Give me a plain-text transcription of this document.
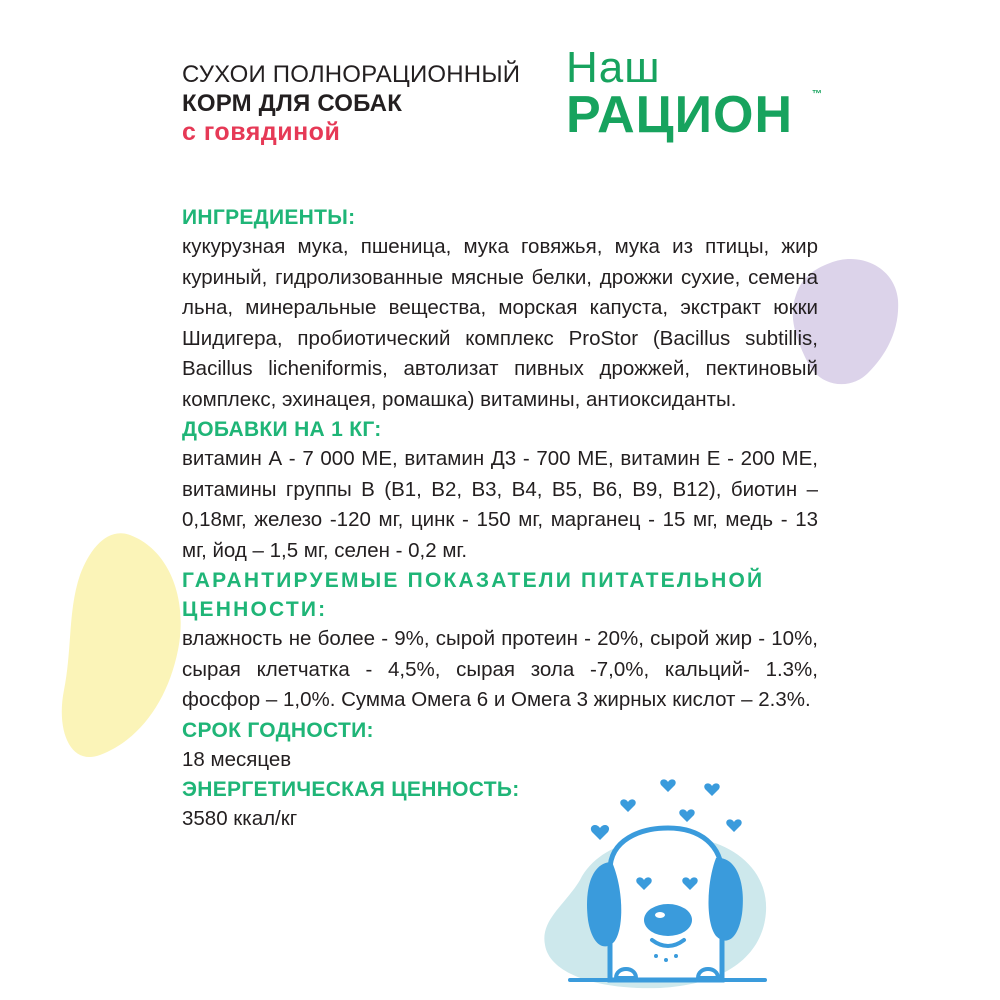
СУХОИ ПОЛНОРАЦИОННЫЙ
КОРМ ДЛЯ СОБАК
с говядиной
Наш
РАЦИОН ™
ИНГРЕДИЕНТЫ:
кукурузная мука, пшеница, мука говяжья, мука из птицы, жир куриный, гидролизованные мясные белки, дрожжи сухие, семена льна, минеральные вещества, морская капуста, экстракт юкки Шидигера, пробиотический комплекс ProStor (Bacillus subtillis, Bacillus licheniformis, автолизат пивных дрожжей, пектиновый комплекс, эхинацея, ромашка) витамины, антиоксиданты.
ДОБАВКИ НА 1 КГ:
витамин А - 7 000 МЕ, витамин Д3 - 700 МЕ, витамин Е - 200 МЕ, витамины группы В (В1, В2, В3, В4, В5, В6, В9, В12), биотин – 0,18мг, железо -120 мг, цинк - 150 мг, марганец - 15 мг, медь - 13 мг, йод – 1,5 мг, селен - 0,2 мг.
ГАРАНТИРУЕМЫЕ ПОКАЗАТЕЛИ ПИТАТЕЛЬНОЙ ЦЕННОСТИ:
влажность не более - 9%, сырой протеин - 20%, сырой жир - 10%, сырая клетчатка - 4,5%, сырая зола -7,0%, кальций- 1.3%, фосфор – 1,0%. Сумма Омега 6 и Омега 3 жирных кислот – 2.3%.
СРОК ГОДНОСТИ:
18 месяцев
ЭНЕРГЕТИЧЕСКАЯ ЦЕННОСТЬ:
3580 ккал/кг
